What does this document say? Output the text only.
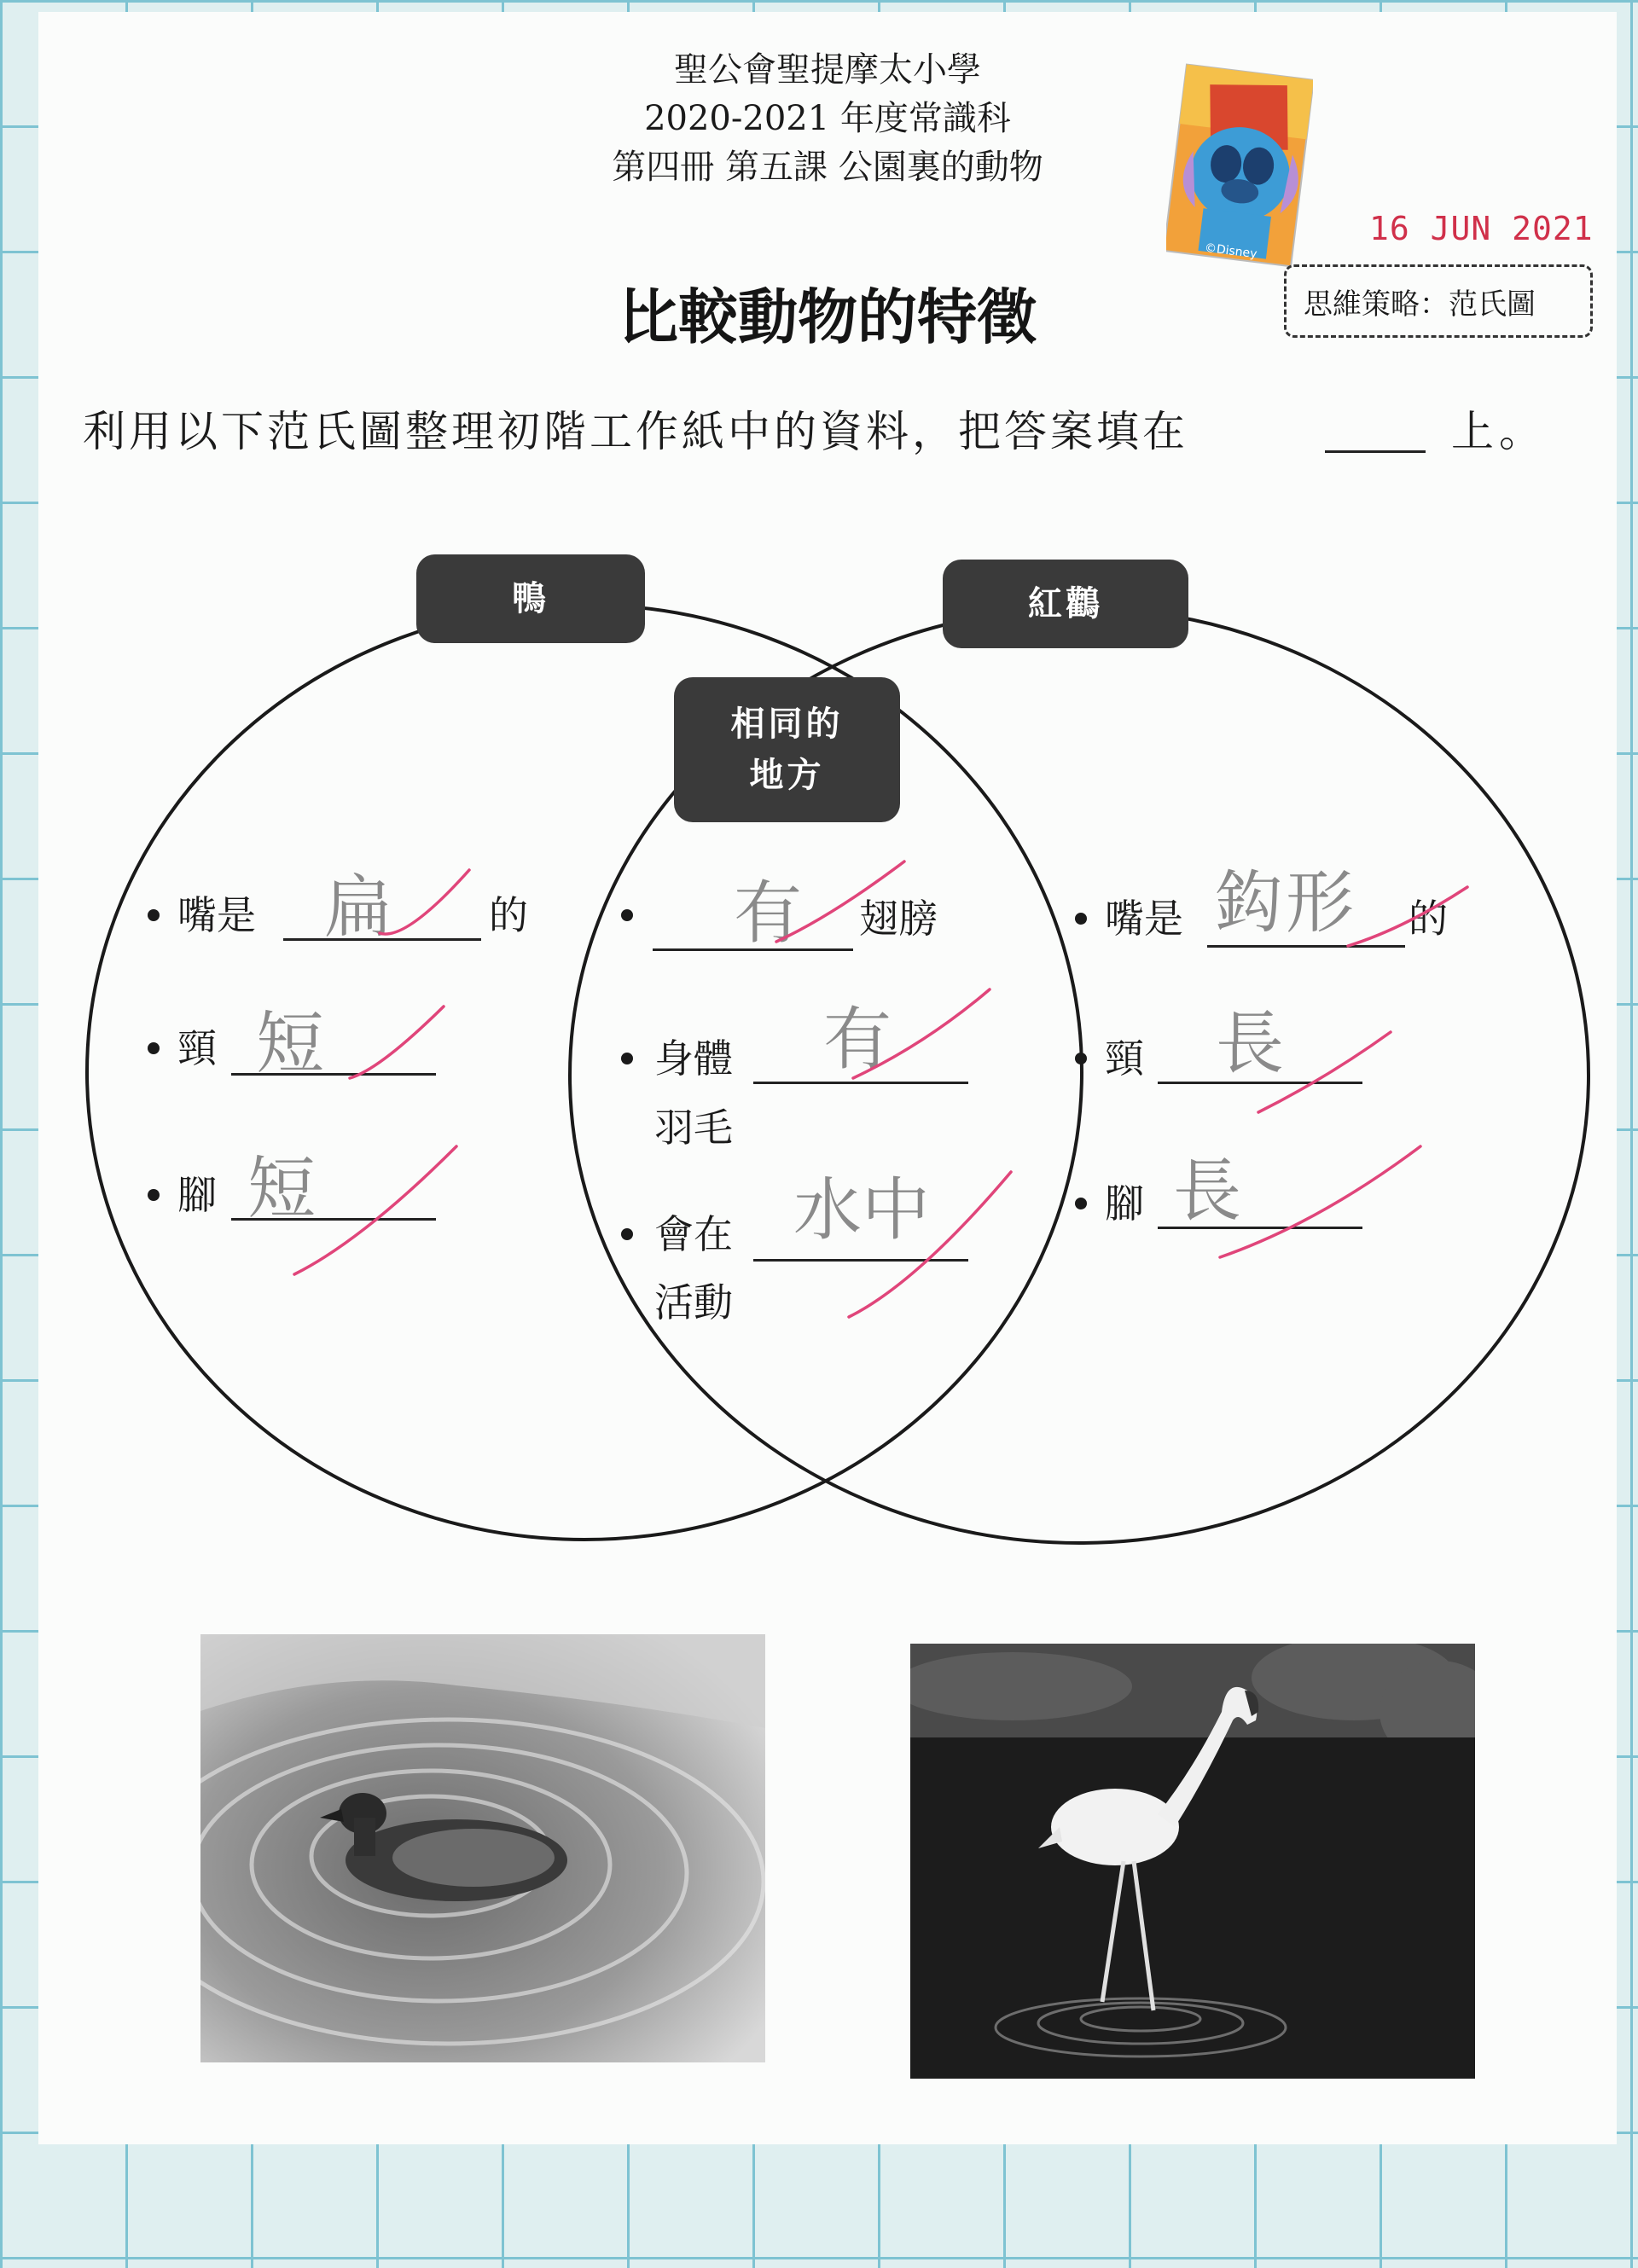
聖公會聖提摩太小學
2020-2021 年度常識科
第四冊 第五課 公園裏的動物
©Disney
16 JUN 2021
思維策略：范氏圖
比較動物的特徵
利用以下范氏圖整理初階工作紙中的資料，把答案填在	上。
鴨	紅鸛
相同的
地方
嘴是 扁 的
頸 短
腳 短
有 翅膀
身體 有
羽毛
會在 水中
活動
嘴是 鈎形 的
頸 長
腳 長
